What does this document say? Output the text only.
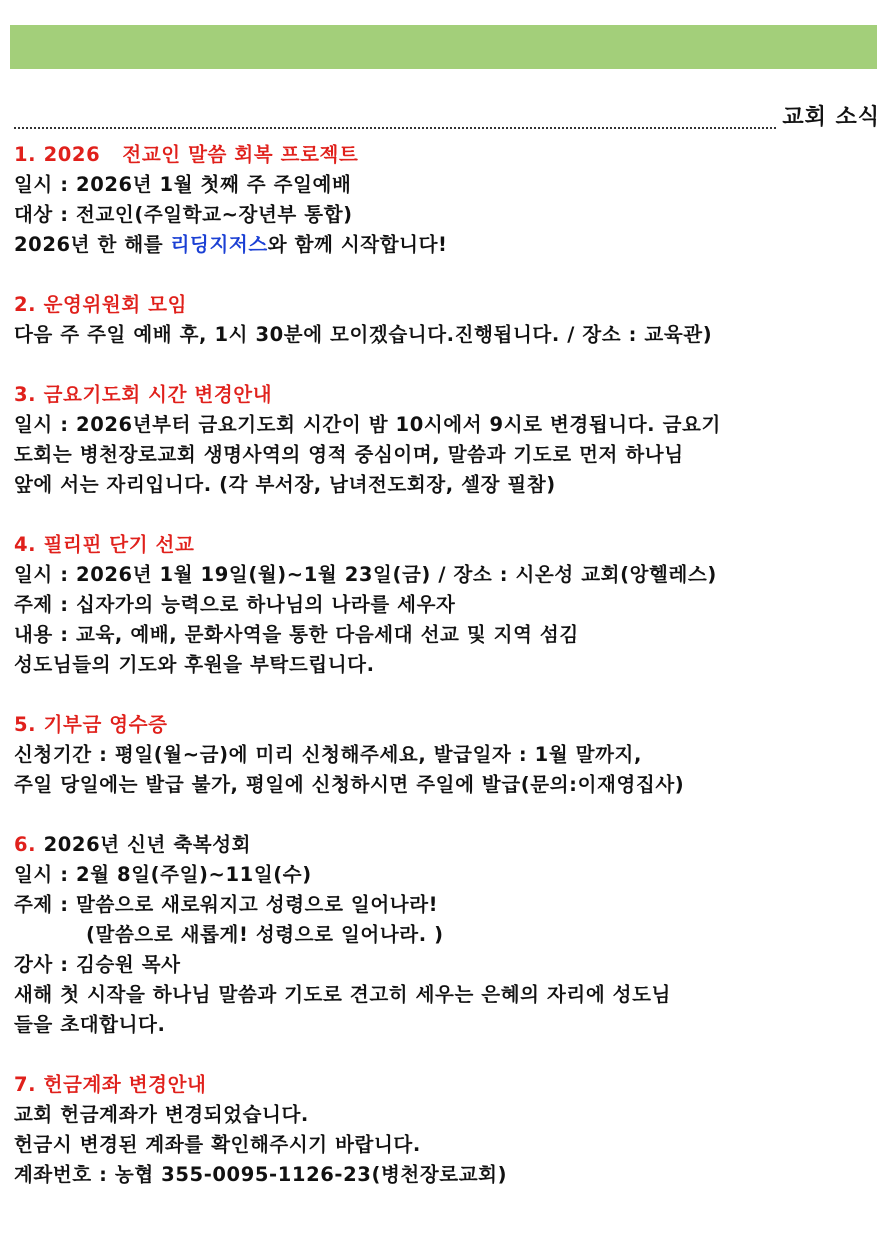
교회 소식
1. 2026   전교인 말씀 회복 프로젝트
일시 : 2026년 1월 첫째 주 주일예배
대상 : 전교인(주일학교~장년부 통합)
2026년 한 해를 리딩지저스와 함께 시작합니다!
2. 운영위원회 모임
다음 주 주일 예배 후, 1시 30분에 모이겠습니다.진행됩니다. / 장소 : 교육관)
3. 금요기도회 시간 변경안내
일시 : 2026년부터 금요기도회 시간이 밤 10시에서 9시로 변경됩니다. 금요기
도회는 병천장로교회 생명사역의 영적 중심이며, 말씀과 기도로 먼저 하나님
앞에 서는 자리입니다. (각 부서장, 남녀전도회장, 셀장 필참)
4. 필리핀 단기 선교
일시 : 2026년 1월 19일(월)~1월 23일(금) / 장소 : 시온성 교회(앙헬레스)
주제 : 십자가의 능력으로 하나님의 나라를 세우자
내용 : 교육, 예배, 문화사역을 통한 다음세대 선교 및 지역 섬김
성도님들의 기도와 후원을 부탁드립니다.
5. 기부금 영수증
신청기간 : 평일(월~금)에 미리 신청해주세요, 발급일자 : 1월 말까지,
주일 당일에는 발급 불가, 평일에 신청하시면 주일에 발급(문의:이재영집사)
6. 2026년 신년 축복성회
일시 : 2월 8일(주일)~11일(수)
주제 : 말씀으로 새로워지고 성령으로 일어나라!
(말씀으로 새롭게! 성령으로 일어나라. )
강사 : 김승원 목사
새해 첫 시작을 하나님 말씀과 기도로 견고히 세우는 은혜의 자리에 성도님
들을 초대합니다.
7. 헌금계좌 변경안내
교회 헌금계좌가 변경되었습니다.
헌금시 변경된 계좌를 확인해주시기 바랍니다.
계좌번호 : 농협 355-0095-1126-23(병천장로교회)
